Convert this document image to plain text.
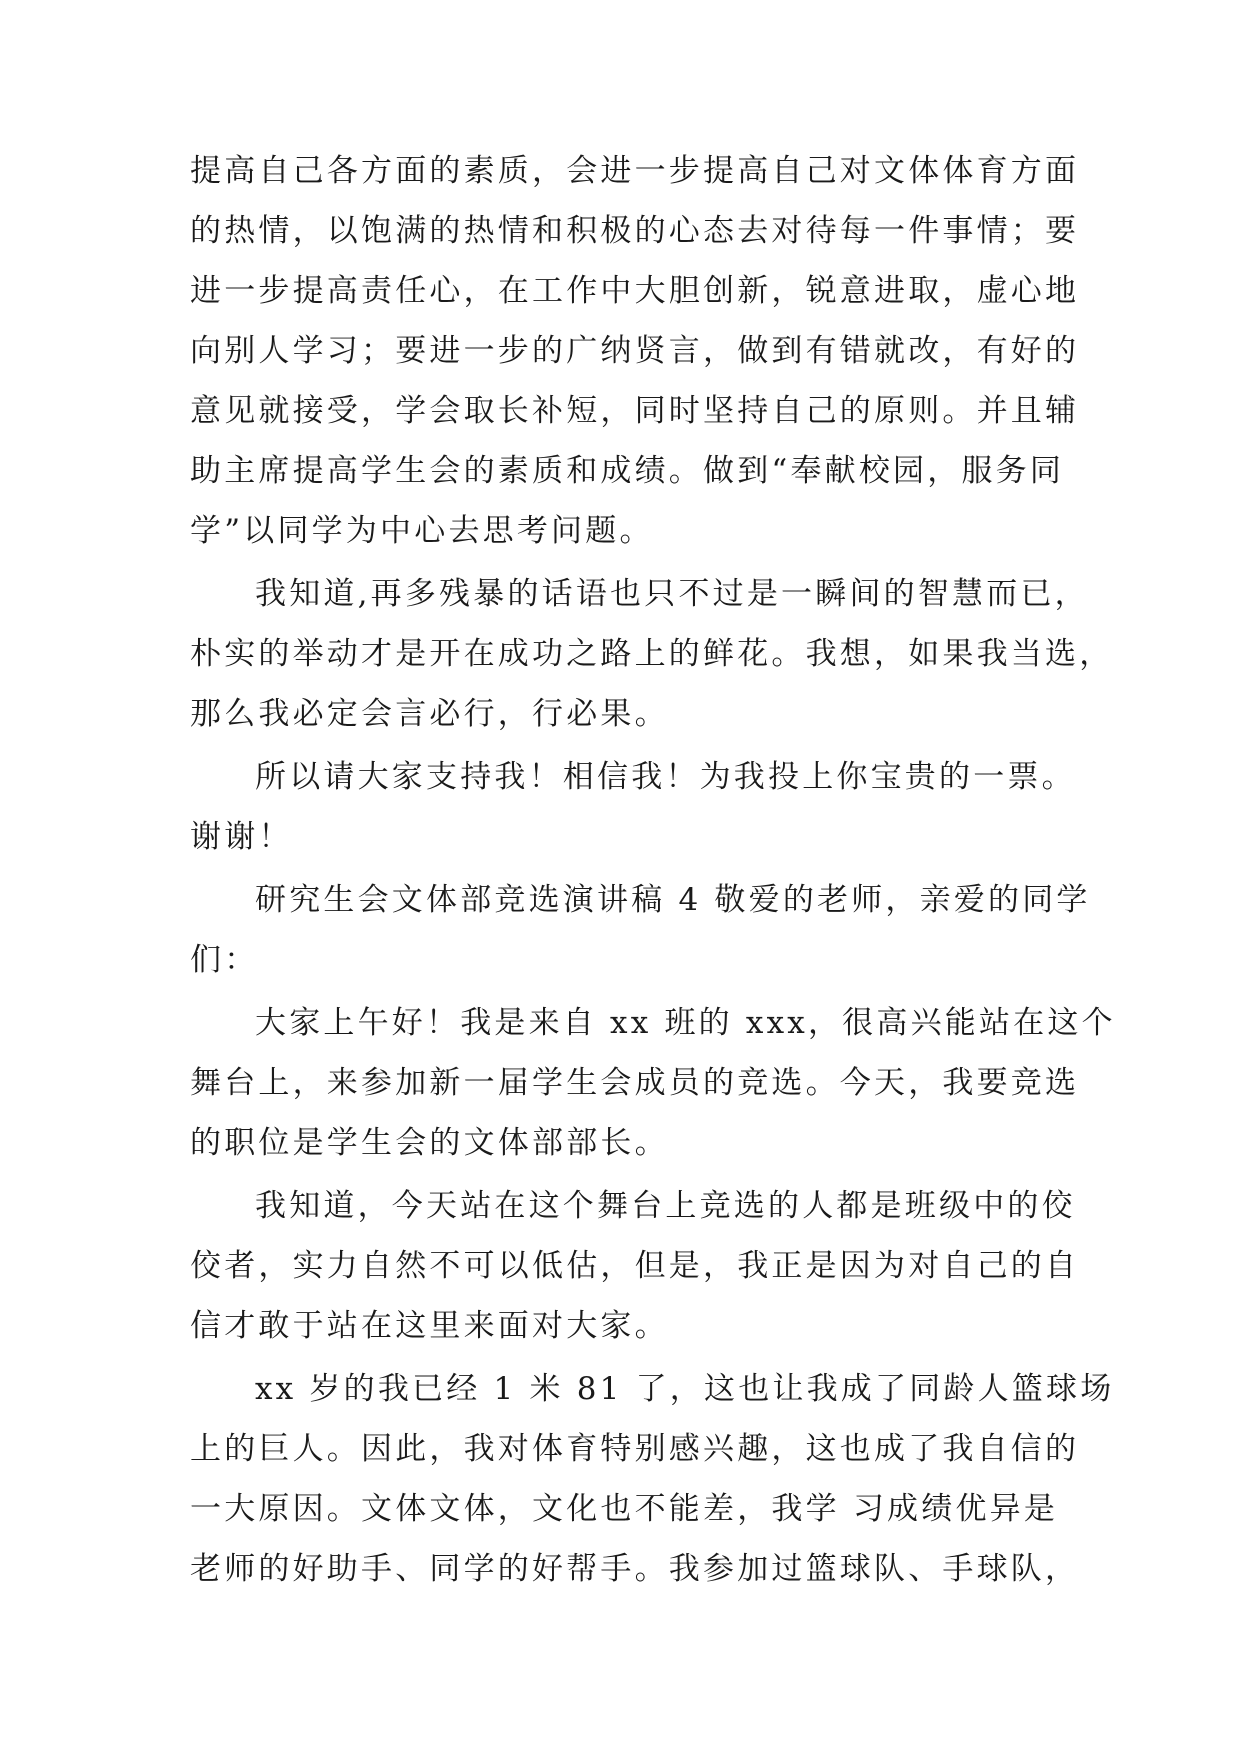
提高自己各方面的素质，会进一步提高自己对文体体育方面
的热情，以饱满的热情和积极的心态去对待每一件事情；要
进一步提高责任心，在工作中大胆创新，锐意进取，虚心地
向别人学习；要进一步的广纳贤言，做到有错就改，有好的
意见就接受，学会取长补短，同时坚持自己的原则。并且辅
助主席提高学生会的素质和成绩。做到“奉献校园，服务同
学”以同学为中心去思考问题。
我知道,再多残暴的话语也只不过是一瞬间的智慧而已，
朴实的举动才是开在成功之路上的鲜花。我想，如果我当选，
那么我必定会言必行，行必果。
所以请大家支持我！相信我！为我投上你宝贵的一票。
谢谢！
研究生会文体部竞选演讲稿 4 敬爱的老师，亲爱的同学
们：
大家上午好！我是来自 xx 班的 xxx，很高兴能站在这个
舞台上，来参加新一届学生会成员的竞选。今天，我要竞选
的职位是学生会的文体部部长。
我知道，今天站在这个舞台上竞选的人都是班级中的佼
佼者，实力自然不可以低估，但是，我正是因为对自己的自
信才敢于站在这里来面对大家。
xx 岁的我已经 1 米 81 了，这也让我成了同龄人篮球场
上的巨人。因此，我对体育特别感兴趣，这也成了我自信的
一大原因。文体文体，文化也不能差，我学 习成绩优异是
老师的好助手、同学的好帮手。我参加过篮球队、手球队，
